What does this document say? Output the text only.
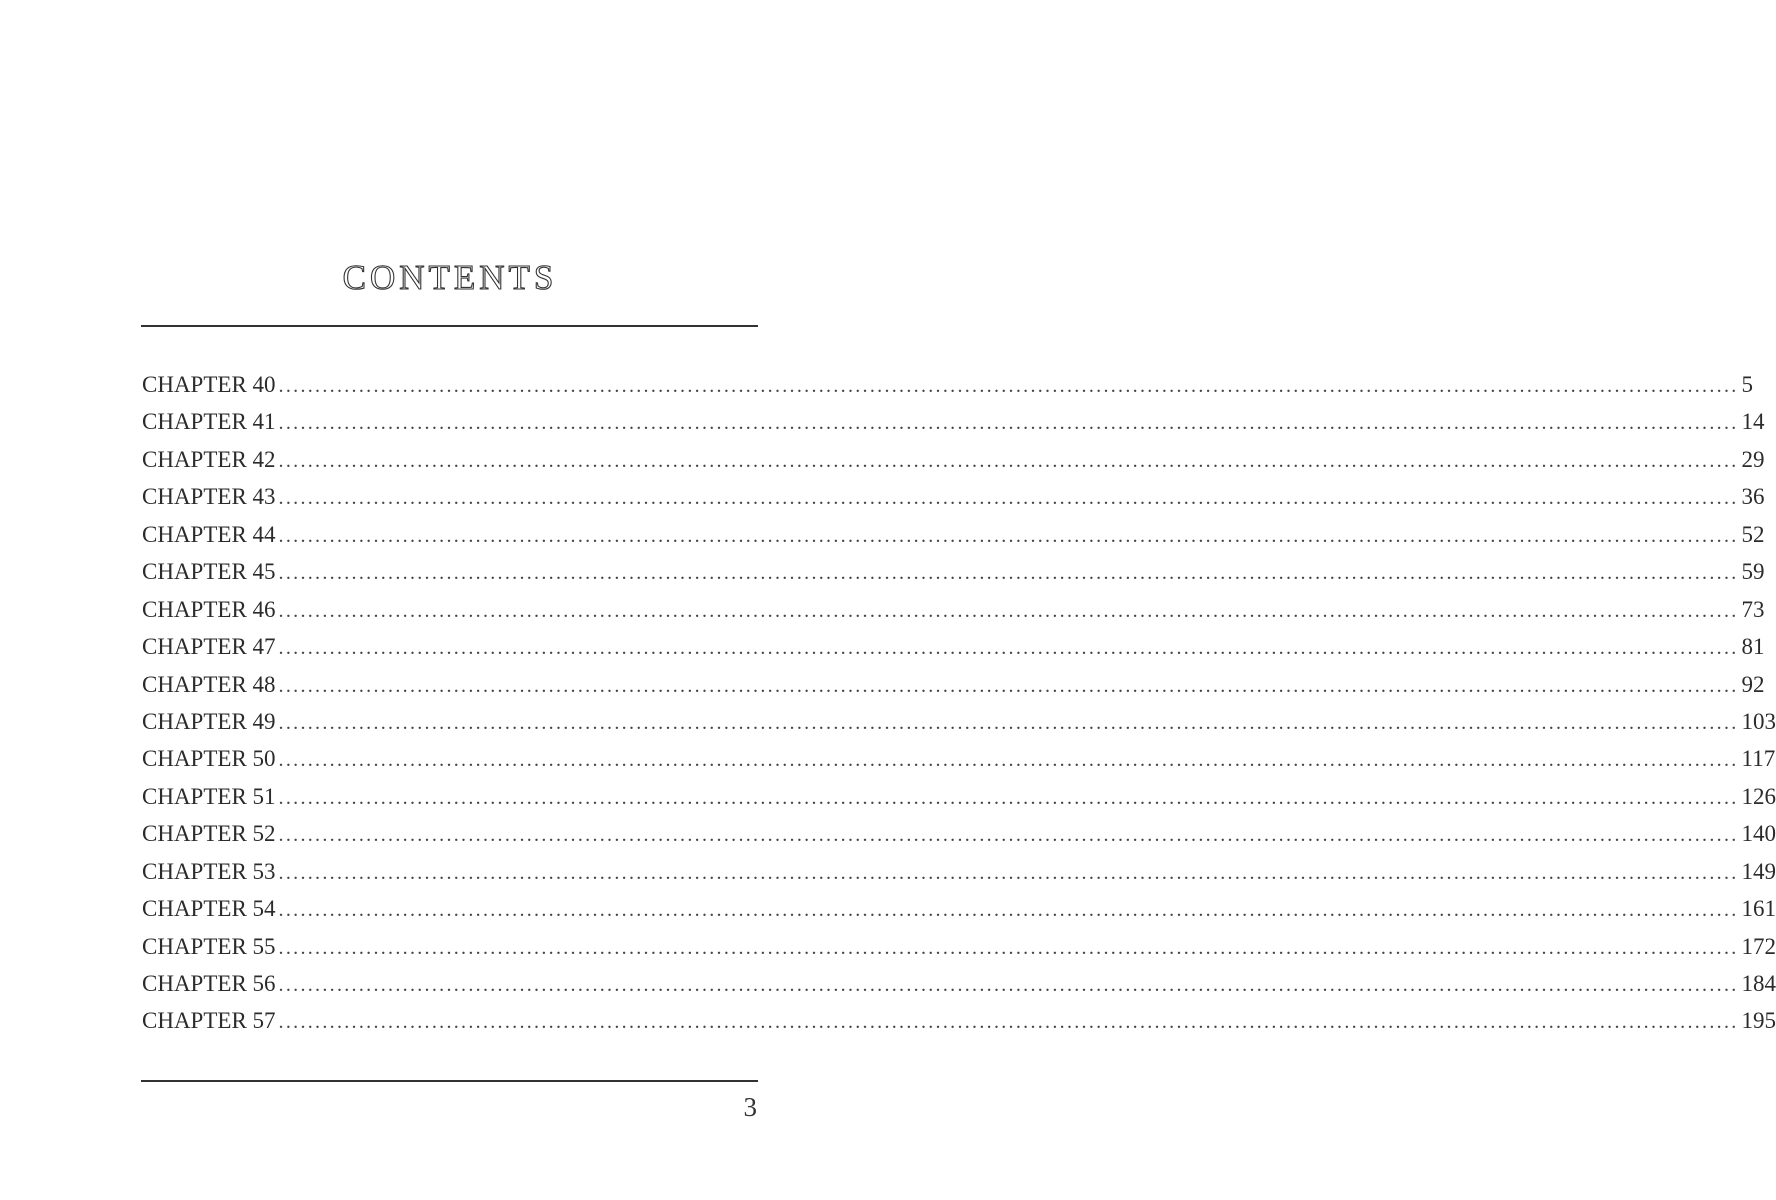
CONTENTS
CHAPTER 40 ........................................................................................................................................................................................................ 5
CHAPTER 41 ........................................................................................................................................................................................................ 14
CHAPTER 42 ........................................................................................................................................................................................................ 29
CHAPTER 43 ........................................................................................................................................................................................................ 36
CHAPTER 44 ........................................................................................................................................................................................................ 52
CHAPTER 45 ........................................................................................................................................................................................................ 59
CHAPTER 46 ........................................................................................................................................................................................................ 73
CHAPTER 47 ........................................................................................................................................................................................................ 81
CHAPTER 48 ........................................................................................................................................................................................................ 92
CHAPTER 49 ........................................................................................................................................................................................................ 103
CHAPTER 50 ........................................................................................................................................................................................................ 117
CHAPTER 51 ........................................................................................................................................................................................................ 126
CHAPTER 52 ........................................................................................................................................................................................................ 140
CHAPTER 53 ........................................................................................................................................................................................................ 149
CHAPTER 54 ........................................................................................................................................................................................................ 161
CHAPTER 55 ........................................................................................................................................................................................................ 172
CHAPTER 56 ........................................................................................................................................................................................................ 184
CHAPTER 57 ........................................................................................................................................................................................................ 195
3
